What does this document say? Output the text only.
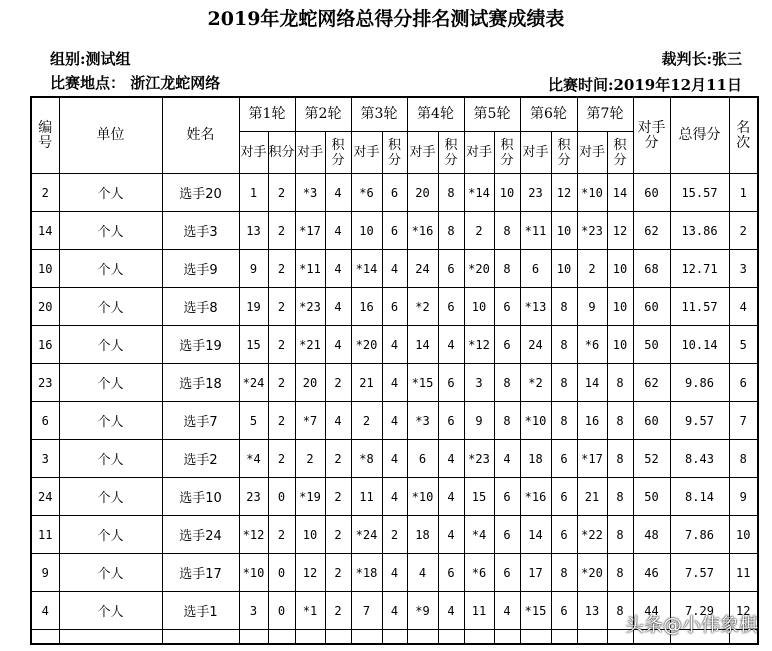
2019年龙蛇网络总得分排名测试赛成绩表
组别:测试组	裁判长:张三
比赛地点： 浙江龙蛇网络	比赛时间:2019年12月11日
编号	单位	姓名	第1轮		第2轮		第3轮		第4轮		第5轮		第6轮		第7轮		对手分	总得分	名次
			对手	积分	对手	积分	对手	积分	对手	积分	对手	积分	对手	积分	对手	积分			
2	个人	选手20	1	2	*3	4	*6	6	20	8	*14	10	23	12	*10	14	60	15.57	1
14	个人	选手3	13	2	*17	4	10	6	*16	8	2	8	*11	10	*23	12	62	13.86	2
10	个人	选手9	9	2	*11	4	*14	4	24	6	*20	8	6	10	2	10	68	12.71	3
20	个人	选手8	19	2	*23	4	16	6	*2	6	10	6	*13	8	9	10	60	11.57	4
16	个人	选手19	15	2	*21	4	*20	4	14	4	*12	6	24	8	*6	10	50	10.14	5
23	个人	选手18	*24	2	20	2	21	4	*15	6	3	8	*2	8	14	8	62	9.86	6
6	个人	选手7	5	2	*7	4	2	4	*3	6	9	8	*10	8	16	8	60	9.57	7
3	个人	选手2	*4	2	2	2	*8	4	6	4	*23	4	18	6	*17	8	52	8.43	8
24	个人	选手10	23	0	*19	2	11	4	*10	4	15	6	*16	6	21	8	50	8.14	9
11	个人	选手24	*12	2	10	2	*24	2	18	4	*4	6	14	6	*22	8	48	7.86	10
9	个人	选手17	*10	0	12	2	*18	4	4	6	*6	6	17	8	*20	8	46	7.57	11
4	个人	选手1	3	0	*1	2	7	4	*9	4	11	4	*15	6	13	8	44	7.29	12

头条@小伟象棋
